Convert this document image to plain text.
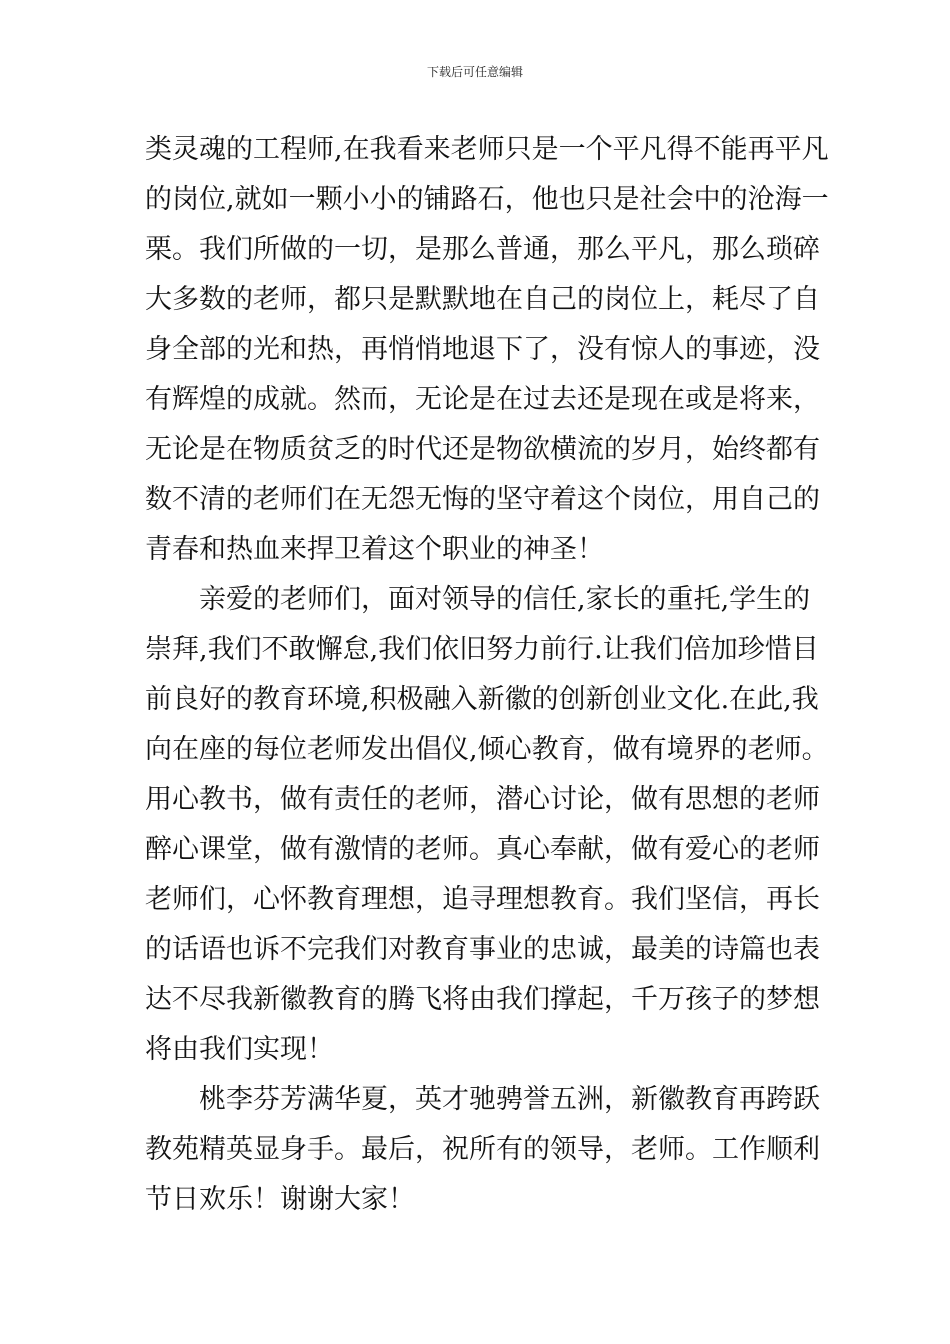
下载后可任意编辑
类灵魂的工程师,在我看来老师只是一个平凡得不能再平凡
的岗位,就如一颗小小的铺路石，他也只是社会中的沧海一
栗。我们所做的一切，是那么普通，那么平凡，那么琐碎
大多数的老师，都只是默默地在自己的岗位上，耗尽了自
身全部的光和热，再悄悄地退下了，没有惊人的事迹，没
有辉煌的成就。然而，无论是在过去还是现在或是将来，
无论是在物质贫乏的时代还是物欲横流的岁月，始终都有
数不清的老师们在无怨无悔的坚守着这个岗位，用自己的
青春和热血来捍卫着这个职业的神圣！
　　亲爱的老师们，面对领导的信任,家长的重托,学生的
崇拜,我们不敢懈怠,我们依旧努力前行.让我们倍加珍惜目
前良好的教育环境,积极融入新徽的创新创业文化.在此,我
向在座的每位老师发出倡仪,倾心教育，做有境界的老师。
用心教书，做有责任的老师，潜心讨论，做有思想的老师
醉心课堂，做有激情的老师。真心奉献，做有爱心的老师
老师们，心怀教育理想，追寻理想教育。我们坚信，再长
的话语也诉不完我们对教育事业的忠诚，最美的诗篇也表
达不尽我新徽教育的腾飞将由我们撑起，千万孩子的梦想
将由我们实现！
　　桃李芬芳满华夏，英才驰骋誉五洲，新徽教育再跨跃
教苑精英显身手。最后，祝所有的领导，老师。工作顺利
节日欢乐！谢谢大家！
